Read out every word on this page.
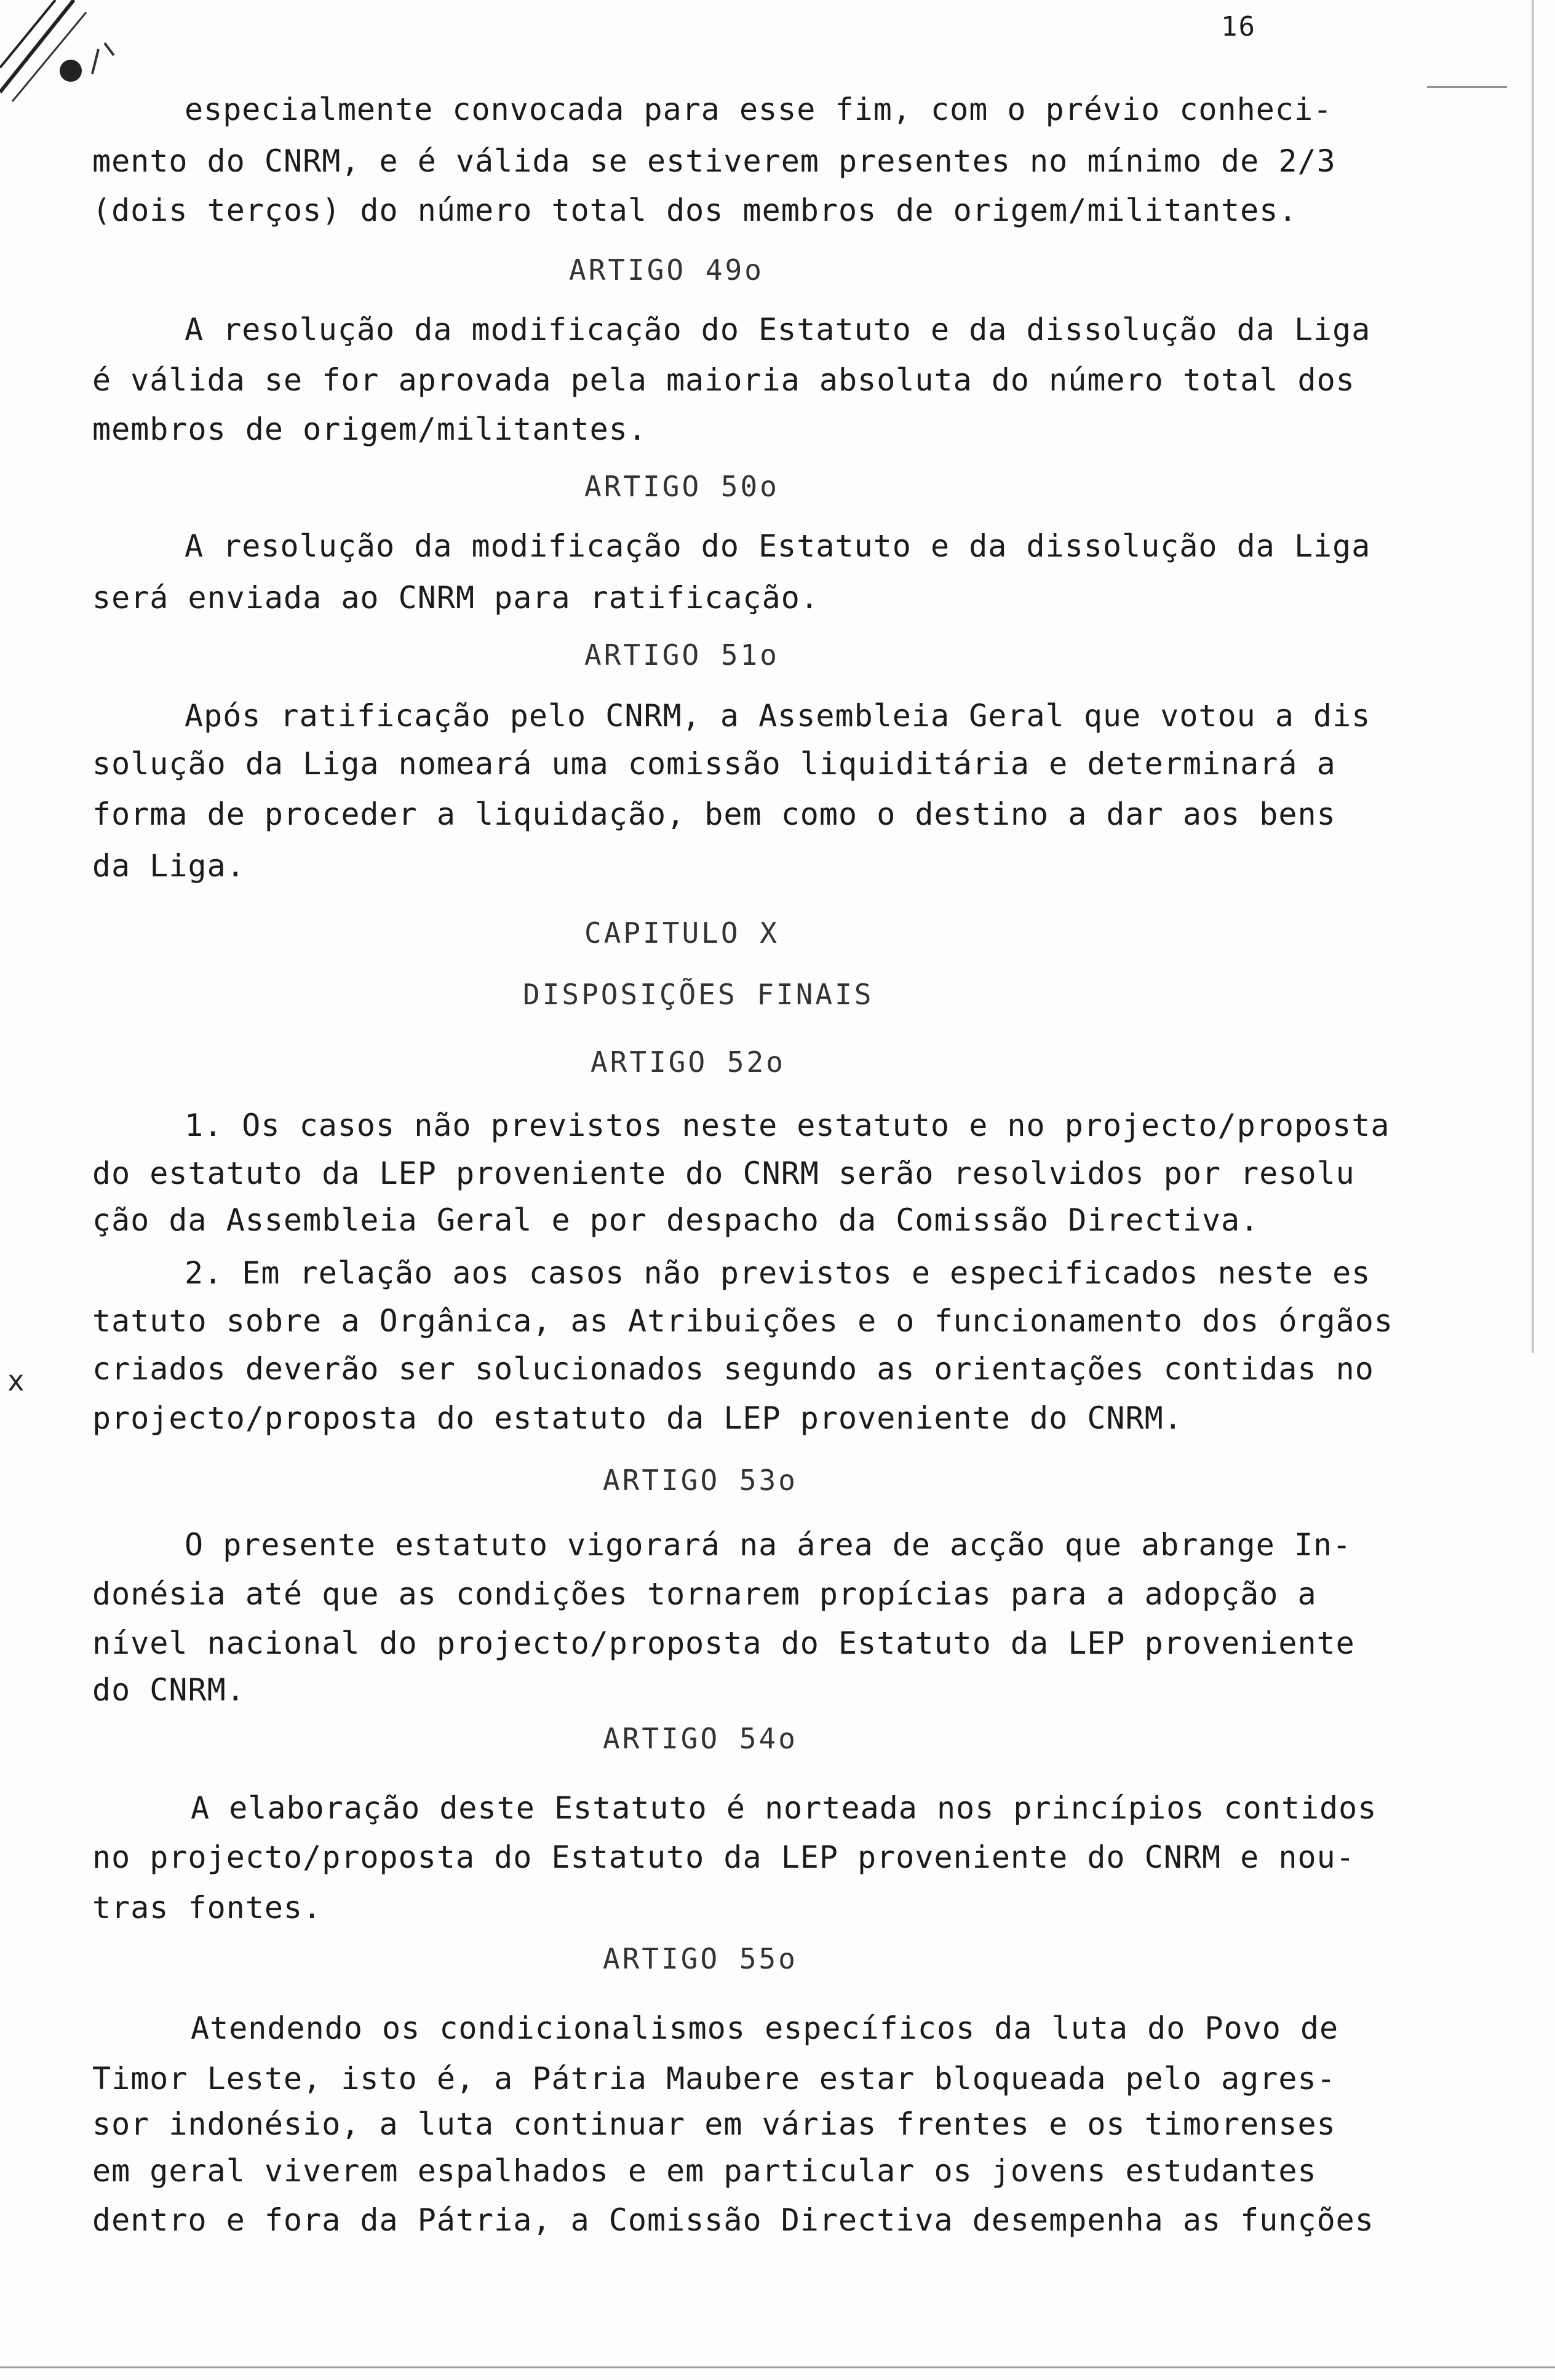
16
especialmente convocada para esse fim, com o prévio conheci-
mento do CNRM, e é válida se estiverem presentes no mínimo de 2/3
(dois terços) do número total dos membros de origem/militantes.
ARTIGO 49o
A resolução da modificação do Estatuto e da dissolução da Liga
é válida se for aprovada pela maioria absoluta do número total dos
membros de origem/militantes.
ARTIGO 50o
A resolução da modificação do Estatuto e da dissolução da Liga
será enviada ao CNRM para ratificação.
ARTIGO 51o
Após ratificação pelo CNRM, a Assembleia Geral que votou a dis
solução da Liga nomeará uma comissão liquiditária e determinará a
forma de proceder a liquidação, bem como o destino a dar aos bens
da Liga.
CAPITULO X
DISPOSIÇÕES FINAIS
ARTIGO 52o
1. Os casos não previstos neste estatuto e no projecto/proposta
do estatuto da LEP proveniente do CNRM serão resolvidos por resolu
ção da Assembleia Geral e por despacho da Comissão Directiva.
2. Em relação aos casos não previstos e especificados neste es
tatuto sobre a Orgânica, as Atribuições e o funcionamento dos órgãos
criados deverão ser solucionados segundo as orientações contidas no
projecto/proposta do estatuto da LEP proveniente do CNRM.
x
ARTIGO 53o
O presente estatuto vigorará na área de acção que abrange In-
donésia até que as condições tornarem propícias para a adopção a
nível nacional do projecto/proposta do Estatuto da LEP proveniente
do CNRM.
ARTIGO 54o
A elaboração deste Estatuto é norteada nos princípios contidos
no projecto/proposta do Estatuto da LEP proveniente do CNRM e nou-
tras fontes.
ARTIGO 55o
Atendendo os condicionalismos específicos da luta do Povo de
Timor Leste, isto é, a Pátria Maubere estar bloqueada pelo agres-
sor indonésio, a luta continuar em várias frentes e os timorenses
em geral viverem espalhados e em particular os jovens estudantes
dentro e fora da Pátria, a Comissão Directiva desempenha as funções
